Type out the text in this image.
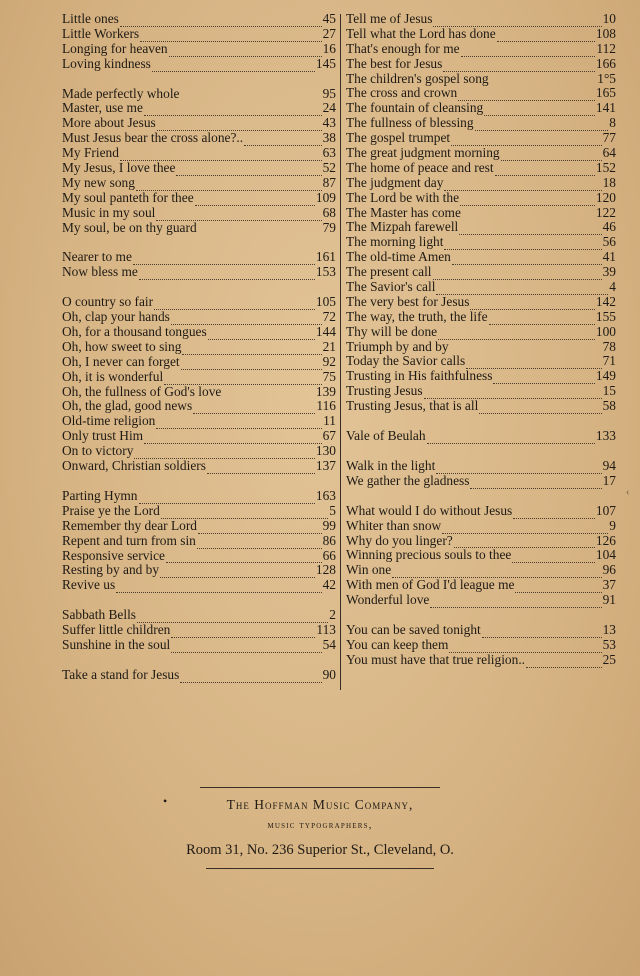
Little ones	45
Little Workers	27
Longing for heaven	16
Loving kindness	145
Made perfectly whole	95
Master, use me	24
More about Jesus	43
Must Jesus bear the cross alone?..	38
My Friend	63
My Jesus, I love thee	52
My new song	87
My soul panteth for thee	109
Music in my soul	68
My soul, be on thy guard	79
Nearer to me	161
Now bless me	153
O country so fair	105
Oh, clap your hands	72
Oh, for a thousand tongues	144
Oh, how sweet to sing	21
Oh, I never can forget	92
Oh, it is wonderful	75
Oh, the fullness of God's love	139
Oh, the glad, good news	116
Old-time religion	11
Only trust Him	67
On to victory	130
Onward, Christian soldiers	137
Parting Hymn	163
Praise ye the Lord	5
Remember thy dear Lord	99
Repent and turn from sin	86
Responsive service	66
Resting by and by	128
Revive us	42
Sabbath Bells	2
Suffer little children	113
Sunshine in the soul	54
Take a stand for Jesus	90
Tell me of Jesus	10
Tell what the Lord has done	108
That's enough for me	112
The best for Jesus	166
The children's gospel song	1°5
The cross and crown	165
The fountain of cleansing	141
The fullness of blessing	8
The gospel trumpet	77
The great judgment morning	64
The home of peace and rest	152
The judgment day	18
The Lord be with the	120
The Master has come	122
The Mizpah farewell	46
The morning light	56
The old-time Amen	41
The present call	39
The Savior's call	4
The very best for Jesus	142
The way, the truth, the life	155
Thy will be done	100
Triumph by and by	78
Today the Savior calls	71
Trusting in His faithfulness	149
Trusting Jesus	15
Trusting Jesus, that is all	58
Vale of Beulah	133
Walk in the light	94
We gather the gladness	17
What would I do without Jesus	107
Whiter than snow	9
Why do you linger?	126
Winning precious souls to thee	104
Win one	96
With men of God I'd league me	37
Wonderful love	91
You can be saved tonight	13
You can keep them	53
You must have that true religion..	25
•	The Hoffman Music Company,
music typographers,
Room 31, No. 236 Superior St., Cleveland, O.
‹
